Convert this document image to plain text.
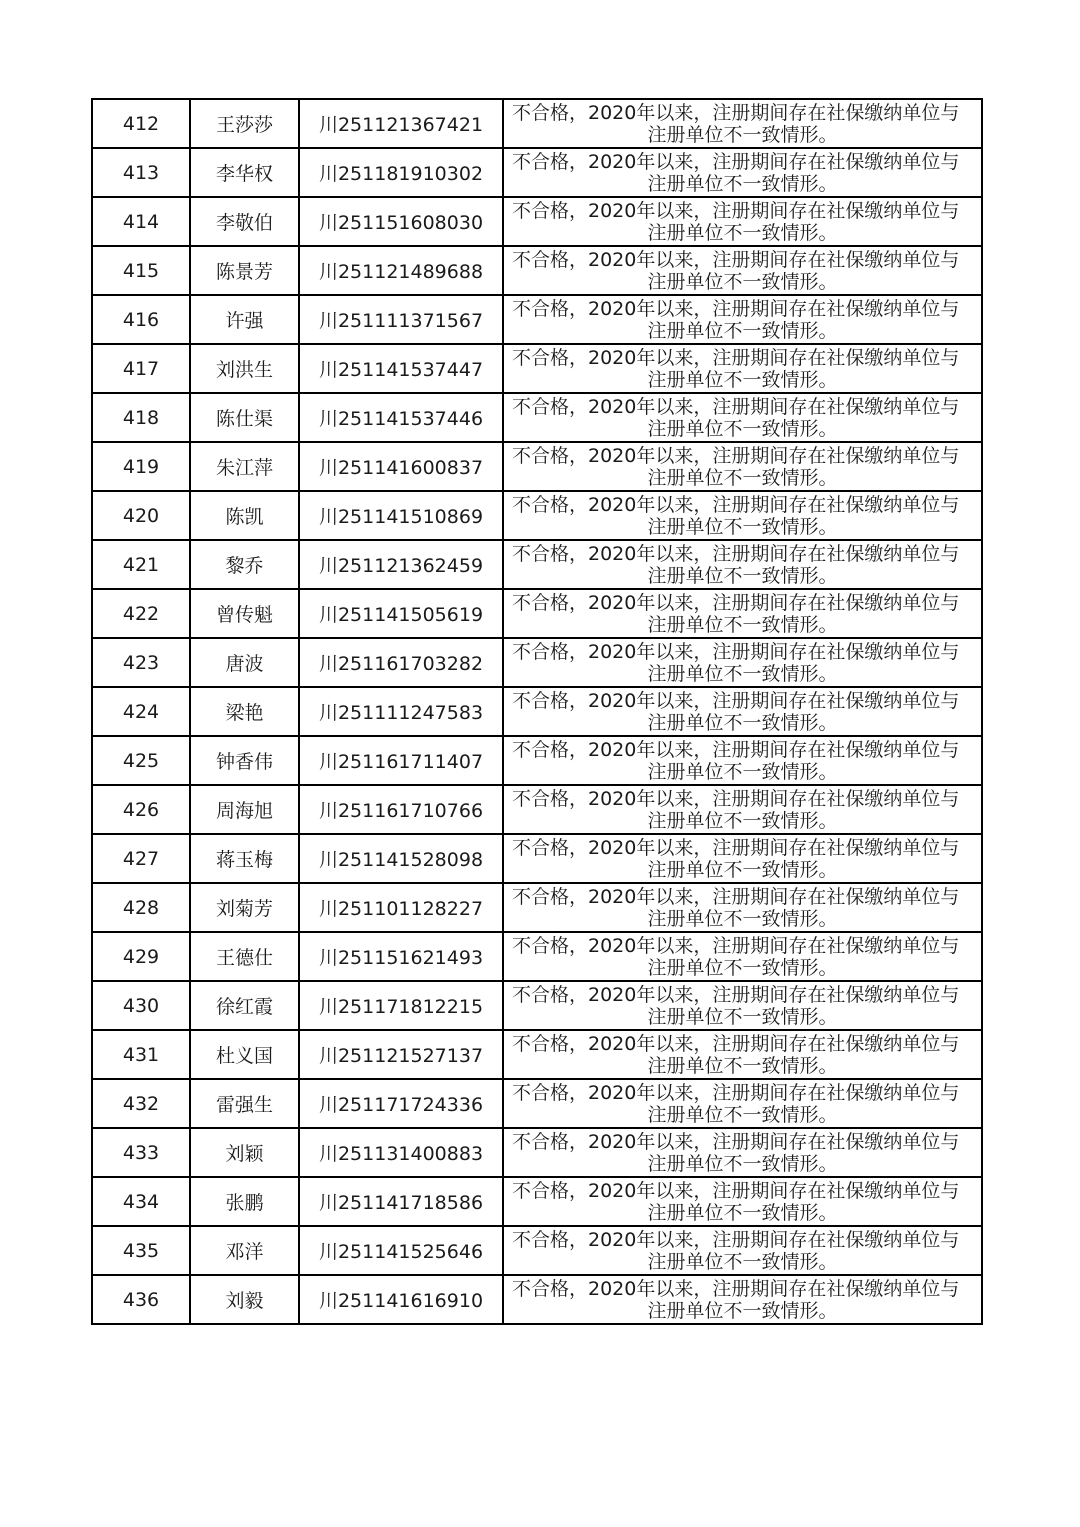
412	王莎莎	川251121367421	不合格，2020年以来，注册期间存在社保缴纳单位与
注册单位不一致情形。

413	李华权	川251181910302	不合格，2020年以来，注册期间存在社保缴纳单位与
注册单位不一致情形。

414	李敬伯	川251151608030	不合格，2020年以来，注册期间存在社保缴纳单位与
注册单位不一致情形。

415	陈景芳	川251121489688	不合格，2020年以来，注册期间存在社保缴纳单位与
注册单位不一致情形。

416	许强	川251111371567	不合格，2020年以来，注册期间存在社保缴纳单位与
注册单位不一致情形。

417	刘洪生	川251141537447	不合格，2020年以来，注册期间存在社保缴纳单位与
注册单位不一致情形。

418	陈仕渠	川251141537446	不合格，2020年以来，注册期间存在社保缴纳单位与
注册单位不一致情形。

419	朱江萍	川251141600837	不合格，2020年以来，注册期间存在社保缴纳单位与
注册单位不一致情形。

420	陈凯	川251141510869	不合格，2020年以来，注册期间存在社保缴纳单位与
注册单位不一致情形。

421	黎乔	川251121362459	不合格，2020年以来，注册期间存在社保缴纳单位与
注册单位不一致情形。

422	曾传魁	川251141505619	不合格，2020年以来，注册期间存在社保缴纳单位与
注册单位不一致情形。

423	唐波	川251161703282	不合格，2020年以来，注册期间存在社保缴纳单位与
注册单位不一致情形。

424	梁艳	川251111247583	不合格，2020年以来，注册期间存在社保缴纳单位与
注册单位不一致情形。

425	钟香伟	川251161711407	不合格，2020年以来，注册期间存在社保缴纳单位与
注册单位不一致情形。

426	周海旭	川251161710766	不合格，2020年以来，注册期间存在社保缴纳单位与
注册单位不一致情形。

427	蒋玉梅	川251141528098	不合格，2020年以来，注册期间存在社保缴纳单位与
注册单位不一致情形。

428	刘菊芳	川251101128227	不合格，2020年以来，注册期间存在社保缴纳单位与
注册单位不一致情形。

429	王德仕	川251151621493	不合格，2020年以来，注册期间存在社保缴纳单位与
注册单位不一致情形。

430	徐红霞	川251171812215	不合格，2020年以来，注册期间存在社保缴纳单位与
注册单位不一致情形。

431	杜义国	川251121527137	不合格，2020年以来，注册期间存在社保缴纳单位与
注册单位不一致情形。

432	雷强生	川251171724336	不合格，2020年以来，注册期间存在社保缴纳单位与
注册单位不一致情形。

433	刘颖	川251131400883	不合格，2020年以来，注册期间存在社保缴纳单位与
注册单位不一致情形。

434	张鹏	川251141718586	不合格，2020年以来，注册期间存在社保缴纳单位与
注册单位不一致情形。

435	邓洋	川251141525646	不合格，2020年以来，注册期间存在社保缴纳单位与
注册单位不一致情形。

436	刘毅	川251141616910	不合格，2020年以来，注册期间存在社保缴纳单位与
注册单位不一致情形。
